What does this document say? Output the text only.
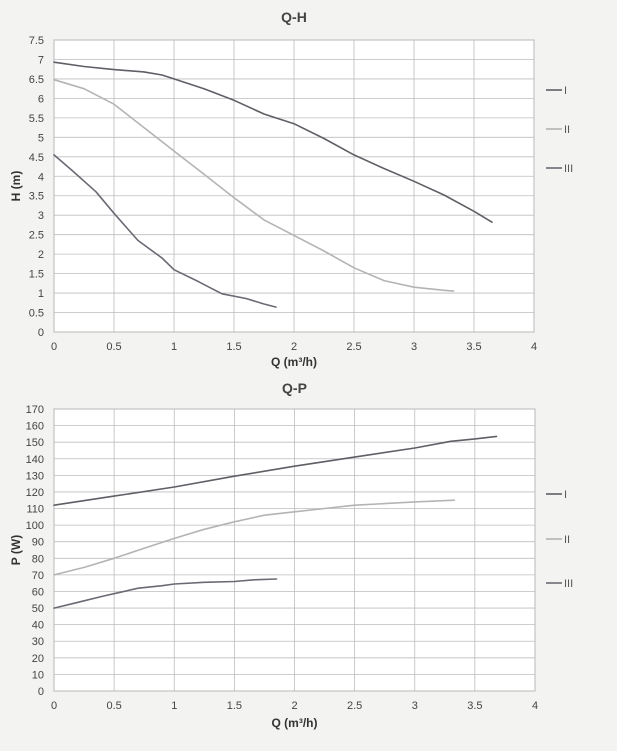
0
0.5
1
1.5
2
2.5
3
3.5
4
4.5
5
5.5
6
6.5
7
7.5
0	0.5	1	1.5	2	2.5	3	3.5	4
Q-H
Q (m³/h)
H (m)
I
II
III
0
10
20
30
40
50
60
70
80
90
100
110
120
130
140
150
160
170
0	0.5	1	1.5	2	2.5	3	3.5	4
Q-P
Q (m³/h)
P (W)
I
II
III
